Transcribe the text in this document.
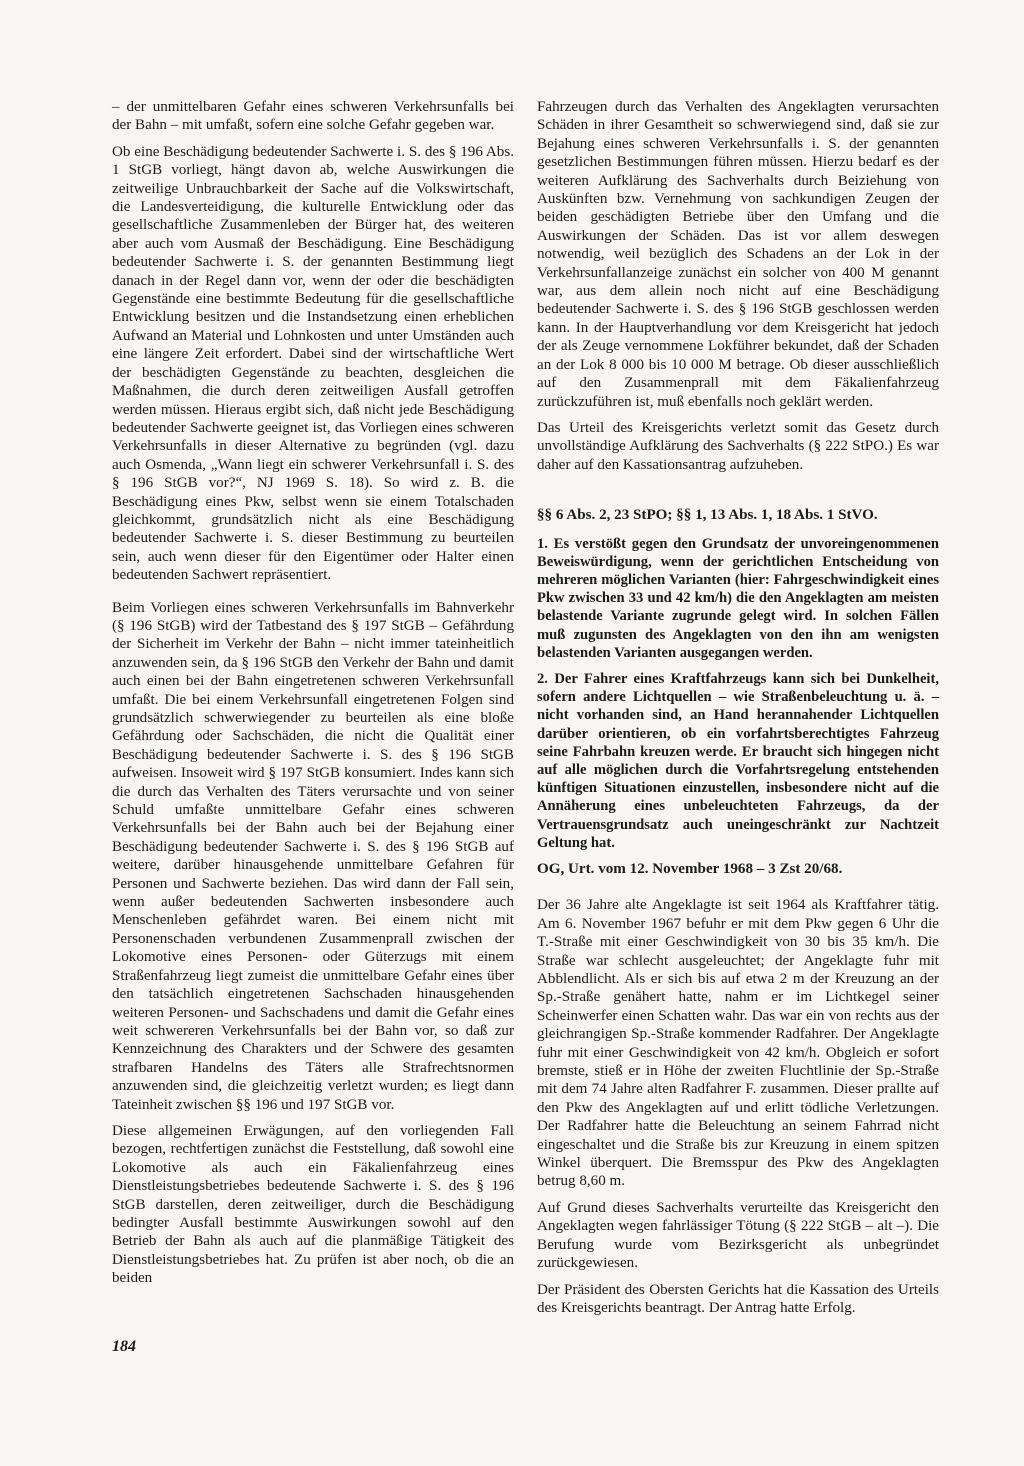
– der unmittelbaren Gefahr eines schweren Verkehrsunfalls bei der Bahn – mit umfaßt, sofern eine solche Gefahr gegeben war.

Ob eine Beschädigung bedeutender Sachwerte i. S. des § 196 Abs. 1 StGB vorliegt, hängt davon ab, welche Auswirkungen die zeitweilige Unbrauchbarkeit der Sache auf die Volkswirtschaft, die Landesverteidigung, die kulturelle Entwicklung oder das gesellschaftliche Zusammenleben der Bürger hat, des weiteren aber auch vom Ausmaß der Beschädigung. Eine Beschädigung bedeutender Sachwerte i. S. der genannten Bestimmung liegt danach in der Regel dann vor, wenn der oder die beschädigten Gegenstände eine bestimmte Bedeutung für die gesellschaftliche Entwicklung besitzen und die Instandsetzung einen erheblichen Aufwand an Material und Lohnkosten und unter Umständen auch eine längere Zeit erfordert. Dabei sind der wirtschaftliche Wert der beschädigten Gegenstände zu beachten, desgleichen die Maßnahmen, die durch deren zeitweiligen Ausfall getroffen werden müssen. Hieraus ergibt sich, daß nicht jede Beschädigung bedeutender Sachwerte geeignet ist, das Vorliegen eines schweren Verkehrsunfalls in dieser Alternative zu begründen (vgl. dazu auch Osmenda, „Wann liegt ein schwerer Verkehrsunfall i. S. des § 196 StGB vor?“, NJ 1969 S. 18). So wird z. B. die Beschädigung eines Pkw, selbst wenn sie einem Totalschaden gleichkommt, grundsätzlich nicht als eine Beschädigung bedeutender Sachwerte i. S. dieser Bestimmung zu beurteilen sein, auch wenn dieser für den Eigentümer oder Halter einen bedeutenden Sachwert repräsentiert.

Beim Vorliegen eines schweren Verkehrsunfalls im Bahnverkehr (§ 196 StGB) wird der Tatbestand des § 197 StGB – Gefährdung der Sicherheit im Verkehr der Bahn – nicht immer tateinheitlich anzuwenden sein, da § 196 StGB den Verkehr der Bahn und damit auch einen bei der Bahn eingetretenen schweren Verkehrsunfall umfaßt. Die bei einem Verkehrsunfall eingetretenen Folgen sind grundsätzlich schwerwiegender zu beurteilen als eine bloße Gefährdung oder Sachschäden, die nicht die Qualität einer Beschädigung bedeutender Sachwerte i. S. des § 196 StGB aufweisen. Insoweit wird § 197 StGB konsumiert. Indes kann sich die durch das Verhalten des Täters verursachte und von seiner Schuld umfaßte unmittelbare Gefahr eines schweren Verkehrsunfalls bei der Bahn auch bei der Bejahung einer Beschädigung bedeutender Sachwerte i. S. des § 196 StGB auf weitere, darüber hinausgehende unmittelbare Gefahren für Personen und Sachwerte beziehen. Das wird dann der Fall sein, wenn außer bedeutenden Sachwerten insbesondere auch Menschenleben gefährdet waren. Bei einem nicht mit Personenschaden verbundenen Zusammenprall zwischen der Lokomotive eines Personen- oder Güterzugs mit einem Straßenfahrzeug liegt zumeist die unmittelbare Gefahr eines über den tatsächlich eingetretenen Sachschaden hinausgehenden weiteren Personen- und Sachschadens und damit die Gefahr eines weit schwereren Verkehrsunfalls bei der Bahn vor, so daß zur Kennzeichnung des Charakters und der Schwere des gesamten strafbaren Handelns des Täters alle Strafrechtsnormen anzuwenden sind, die gleichzeitig verletzt wurden; es liegt dann Tateinheit zwischen §§ 196 und 197 StGB vor.

Diese allgemeinen Erwägungen, auf den vorliegenden Fall bezogen, rechtfertigen zunächst die Feststellung, daß sowohl eine Lokomotive als auch ein Fäkalienfahrzeug eines Dienstleistungsbetriebes bedeutende Sachwerte i. S. des § 196 StGB darstellen, deren zeitweiliger, durch die Beschädigung bedingter Ausfall bestimmte Auswirkungen sowohl auf den Betrieb der Bahn als auch auf die planmäßige Tätigkeit des Dienstleistungsbetriebes hat. Zu prüfen ist aber noch, ob die an beiden

Fahrzeugen durch das Verhalten des Angeklagten verursachten Schäden in ihrer Gesamtheit so schwerwiegend sind, daß sie zur Bejahung eines schweren Verkehrsunfalls i. S. der genannten gesetzlichen Bestimmungen führen müssen. Hierzu bedarf es der weiteren Aufklärung des Sachverhalts durch Beiziehung von Auskünften bzw. Vernehmung von sachkundigen Zeugen der beiden geschädigten Betriebe über den Umfang und die Auswirkungen der Schäden. Das ist vor allem deswegen notwendig, weil bezüglich des Schadens an der Lok in der Verkehrsunfallanzeige zunächst ein solcher von 400 M genannt war, aus dem allein noch nicht auf eine Beschädigung bedeutender Sachwerte i. S. des § 196 StGB geschlossen werden kann. In der Hauptverhandlung vor dem Kreisgericht hat jedoch der als Zeuge vernommene Lokführer bekundet, daß der Schaden an der Lok 8 000 bis 10 000 M betrage. Ob dieser ausschließlich auf den Zusammenprall mit dem Fäkalienfahrzeug zurückzuführen ist, muß ebenfalls noch geklärt werden.

Das Urteil des Kreisgerichts verletzt somit das Gesetz durch unvollständige Aufklärung des Sachverhalts (§ 222 StPO.) Es war daher auf den Kassationsantrag aufzuheben.

§§ 6 Abs. 2, 23 StPO; §§ 1, 13 Abs. 1, 18 Abs. 1 StVO.

1. Es verstößt gegen den Grundsatz der unvoreingenommenen Beweiswürdigung, wenn der gerichtlichen Entscheidung von mehreren möglichen Varianten (hier: Fahrgeschwindigkeit eines Pkw zwischen 33 und 42 km/h) die den Angeklagten am meisten belastende Variante zugrunde gelegt wird. In solchen Fällen muß zugunsten des Angeklagten von den ihn am wenigsten belastenden Varianten ausgegangen werden.

2. Der Fahrer eines Kraftfahrzeugs kann sich bei Dunkelheit, sofern andere Lichtquellen – wie Straßenbeleuchtung u. ä. – nicht vorhanden sind, an Hand herannahender Lichtquellen darüber orientieren, ob ein vorfahrtsberechtigtes Fahrzeug seine Fahrbahn kreuzen werde. Er braucht sich hingegen nicht auf alle möglichen durch die Vorfahrtsregelung entstehenden künftigen Situationen einzustellen, insbesondere nicht auf die Annäherung eines unbeleuchteten Fahrzeugs, da der Vertrauensgrundsatz auch uneingeschränkt zur Nachtzeit Geltung hat.

OG, Urt. vom 12. November 1968 – 3 Zst 20/68.

Der 36 Jahre alte Angeklagte ist seit 1964 als Kraftfahrer tätig. Am 6. November 1967 befuhr er mit dem Pkw gegen 6 Uhr die T.-Straße mit einer Geschwindigkeit von 30 bis 35 km/h. Die Straße war schlecht ausgeleuchtet; der Angeklagte fuhr mit Abblendlicht. Als er sich bis auf etwa 2 m der Kreuzung an der Sp.-Straße genähert hatte, nahm er im Lichtkegel seiner Scheinwerfer einen Schatten wahr. Das war ein von rechts aus der gleichrangigen Sp.-Straße kommender Radfahrer. Der Angeklagte fuhr mit einer Geschwindigkeit von 42 km/h. Obgleich er sofort bremste, stieß er in Höhe der zweiten Fluchtlinie der Sp.-Straße mit dem 74 Jahre alten Radfahrer F. zusammen. Dieser prallte auf den Pkw des Angeklagten auf und erlitt tödliche Verletzungen. Der Radfahrer hatte die Beleuchtung an seinem Fahrrad nicht eingeschaltet und die Straße bis zur Kreuzung in einem spitzen Winkel überquert. Die Bremsspur des Pkw des Angeklagten betrug 8,60 m.

Auf Grund dieses Sachverhalts verurteilte das Kreisgericht den Angeklagten wegen fahrlässiger Tötung (§ 222 StGB – alt –). Die Berufung wurde vom Bezirksgericht als unbegründet zurückgewiesen.

Der Präsident des Obersten Gerichts hat die Kassation des Urteils des Kreisgerichts beantragt. Der Antrag hatte Erfolg.

184
